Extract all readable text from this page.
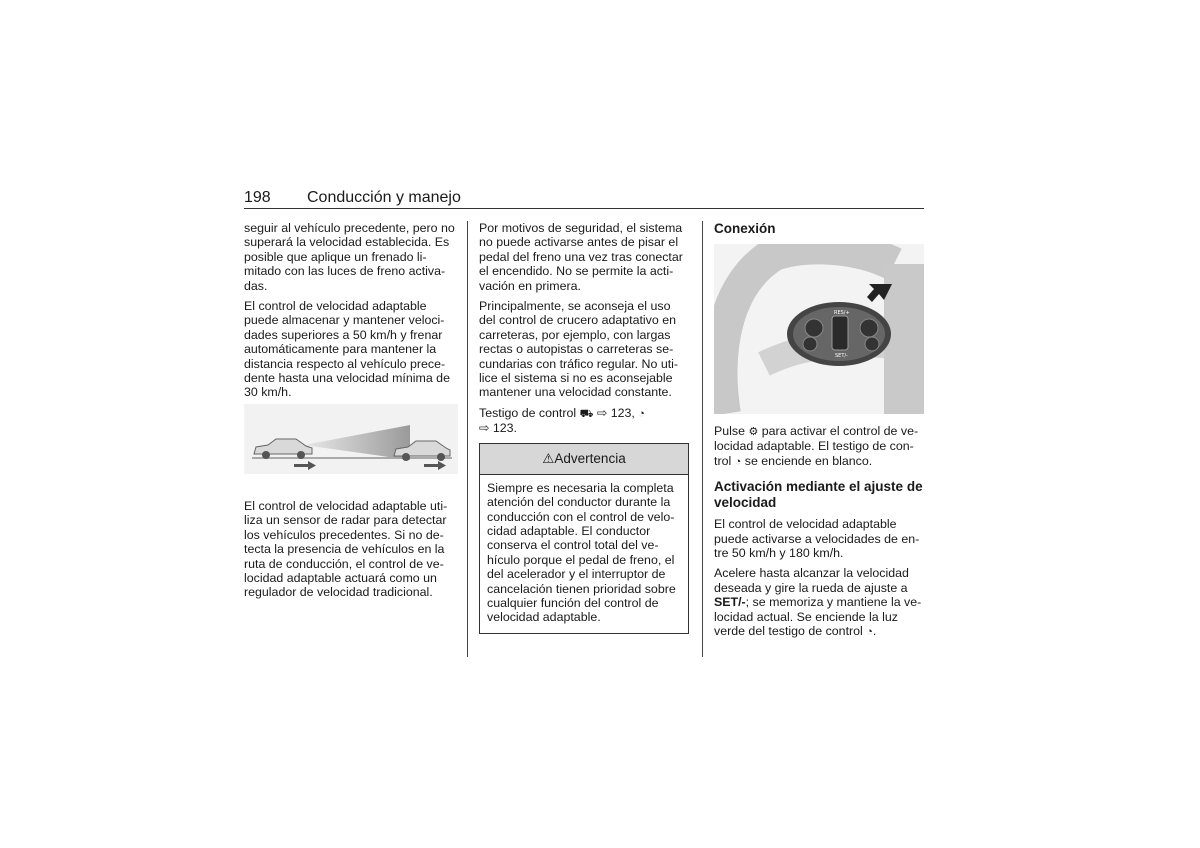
198 Conducción y manejo

seguir al vehículo precedente, pero no superará la velocidad establecida. Es posible que aplique un frenado limitado con las luces de freno activadas.

El control de velocidad adaptable puede almacenar y mantener velocidades superiores a 50 km/h y frenar automáticamente para mantener la distancia respecto al vehículo precedente hasta una velocidad mínima de 30 km/h.

El control de velocidad adaptable utiliza un sensor de radar para detectar los vehículos precedentes. Si no detecta la presencia de vehículos en la ruta de conducción, el control de velocidad adaptable actuará como un regulador de velocidad tradicional.

Por motivos de seguridad, el sistema no puede activarse antes de pisar el pedal del freno una vez tras conectar el encendido. No se permite la activación en primera.

Principalmente, se aconseja el uso del control de crucero adaptativo en carreteras, por ejemplo, con largas rectas o autopistas o carreteras secundarias con tráfico regular. No utilice el sistema si no es aconsejable mantener una velocidad constante.

Testigo de control ⛟ ⇨ 123, ◔
⇨ 123.

⚠Advertencia
Siempre es necesaria la completa atención del conductor durante la conducción con el control de velocidad adaptable. El conductor conserva el control total del vehículo porque el pedal de freno, el del acelerador y el interruptor de cancelación tienen prioridad sobre cualquier función del control de velocidad adaptable.
Conexión
RES/+
SET/-

Pulse ⚙ para activar el control de velocidad adaptable. El testigo de control ◔ se enciende en blanco.

Activación mediante el ajuste de velocidad

El control de velocidad adaptable puede activarse a velocidades de entre 50 km/h y 180 km/h.

Acelere hasta alcanzar la velocidad deseada y gire la rueda de ajuste a SET/-; se memoriza y mantiene la velocidad actual. Se enciende la luz verde del testigo de control ◔.
